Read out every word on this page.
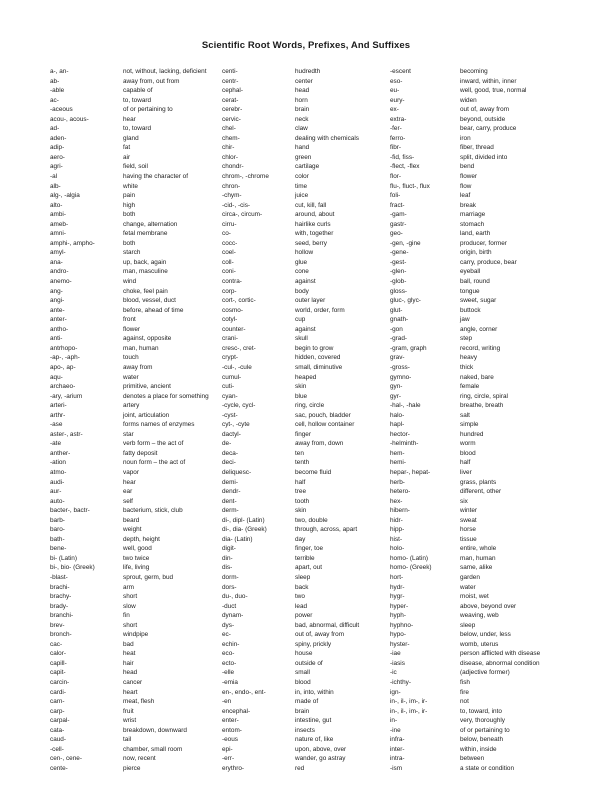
Scientific Root Words, Prefixes, And Suffixes
a-, an-	not, without, lacking, deficient
ab-	away from, out from
-able	capable of
ac-	to, toward
-aceous	of or pertaining to
acou-, acous-	hear
ad-	to, toward
aden-	gland
adip-	fat
aero-	air
agri-	field, soil
-al	having the character of
alb-	white
alg-, -algia	pain
alto-	high
ambi-	both
ameb-	change, alternation
amni-	fetal membrane
amphi-, ampho-	both
amyl-	starch
ana-	up, back, again
andro-	man, masculine
anemo-	wind
ang-	choke, feel pain
angi-	blood, vessel, duct
ante-	before, ahead of time
anter-	front
antho-	flower
anti-	against, opposite
antrhopo-	man, human
-ap-, -aph-	touch
apo-, ap-	away from
aqu-	water
archaeo-	primitive, ancient
-ary, -arium	denotes a place for something
arteri-	artery
arthr-	joint, articulation
-ase	forms names of enzymes
aster-, astr-	star
-ate	verb form – the act of
anther-	fatty deposit
-ation	noun form – the act of
atmo-	vapor
audi-	hear
aur-	ear
auto-	self
bacter-, bactr-	bacterium, stick, club
barb-	beard
baro-	weight
bath-	depth, height
bene-	well, good
bi- (Latin)	two twice
bi-, bio- (Greek)	life, living
-blast-	sprout, germ, bud
brachi-	arm
brachy-	short
brady-	slow
branchi-	fin
brev-	short
bronch-	windpipe
cac-	bad
calor-	heat
capill-	hair
capit-	head
carcin-	cancer
cardi-	heart
carn-	meat, flesh
carp-	fruit
carpal-	wrist
cata-	breakdown, downward
caud-	tail
-cell-	chamber, small room
cen-, cene-	now, recent
cente-	pierce
centi-	hudredth
centr-	center
cephal-	head
cerat-	horn
cerebr-	brain
cervic-	neck
chel-	claw
chem-	dealing with chemicals
chir-	hand
chlor-	green
chondr-	cartilage
chrom-, -chrome	color
chron-	time
-chym-	juice
-cid-, -cis-	cut, kill, fall
circa-, circum-	around, about
cirru-	hairlike curls
co-	with, together
cocc-	seed, berry
coel-	hollow
coll-	glue
coni-	cone
contra-	against
corp-	body
cort-, cortic-	outer layer
cosmo-	world, order, form
cotyl-	cup
counter-	against
crani-	skull
cresc-, cret-	begin to grow
crypt-	hidden, covered
-cul-, -cule	small, diminutive
cumul-	heaped
cuti-	skin
cyan-	blue
-cycle, cycl-	ring, circle
-cyst-	sac, pouch, bladder
cyt-, -cyte	cell, hollow container
dactyl-	finger
de-	away from, down
deca-	ten
deci-	tenth
deliquesc-	become fluid
demi-	half
dendr-	tree
dent-	tooth
derm-	skin
di-, dipl- (Latin)	two, double
di-, dia- (Greek)	through, across, apart
dia- (Latin)	day
digit-	finger, toe
din-	terrible
dis-	apart, out
dorm-	sleep
dors-	back
du-, duo-	two
-duct	lead
dynam-	power
dys-	bad, abnormal, difficult
ec-	out of, away from
echin-	spiny, prickly
eco-	house
ecto-	outside of
-elle	small
-emia	blood
en-, endo-, ent-	in, into, within
-en	made of
encephal-	brain
enter-	intestine, gut
entom-	insects
-eous	nature of, like
epi-	upon, above, over
-err-	wander, go astray
erythro-	red
-escent	becoming
eso-	inward, within, inner
eu-	well, good, true, normal
eury-	widen
ex-	out of, away from
extra-	beyond, outside
-fer-	bear, carry, produce
ferro-	iron
fibr-	fiber, thread
-fid, fiss-	split, divided into
-flect, -flex	bend
flor-	flower
flu-, fluct-, flux	flow
foli-	leaf
fract-	break
-gam-	marriage
gastr-	stomach
geo-	land, earth
-gen, -gine	producer, former
-gene-	origin, birth
-gest-	carry, produce, bear
-glen-	eyeball
-glob-	ball, round
gloss-	tongue
gluc-, glyc-	sweet, sugar
glut-	buttock
gnath-	jaw
-gon	angle, corner
-grad-	step
-gram, graph	record, writing
grav-	heavy
-gross-	thick
gymno-	naked, bare
gyn-	female
gyr-	ring, circle, spiral
-hal-, -hale	breathe, breath
halo-	salt
hapl-	simple
hector-	hundred
-helminth-	worm
hem-	blood
hemi-	half
hepar-, hepat-	liver
herb-	grass, plants
hetero-	different, other
hex-	six
hibern-	winter
hidr-	sweat
hipp-	horse
hist-	tissue
holo-	entire, whole
homo- (Latin)	man, human
homo- (Greek)	same, alike
hort-	garden
hydr-	water
hygr-	moist, wet
hyper-	above, beyond over
hyph-	weaving, web
hyphno-	sleep
hypo-	below, under, less
hyster-	womb, uterus
-iae	person afflicted with disease
-iasis	disease, abnormal condition
-ic	(adjective former)
-ichthy-	fish
ign-	fire
in-, il-, im-, ir-	not
in-, il-, im-, ir-	to, toward, into
in-	very, thoroughly
-ine	of or pertaining to
infra-	below, beneath
inter-	within, inside
intra-	between
-ism	a state or condition
